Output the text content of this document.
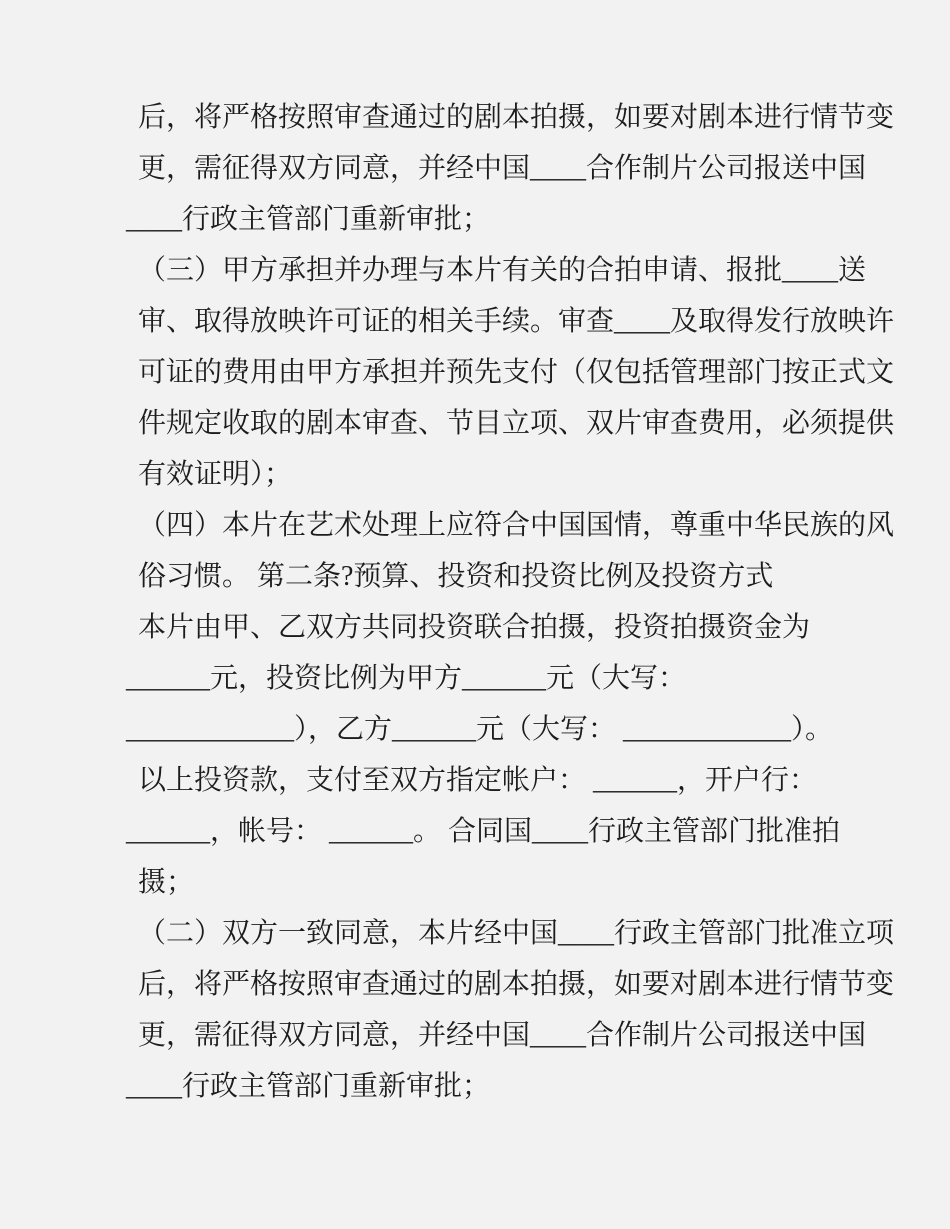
后，将严格按照审查通过的剧本拍摄，如要对剧本进行情节变
更，需征得双方同意，并经中国____合作制片公司报送中国
____行政主管部门重新审批；
（三）甲方承担并办理与本片有关的合拍申请、报批____送
审、取得放映许可证的相关手续。审查____及取得发行放映许
可证的费用由甲方承担并预先支付（仅包括管理部门按正式文
件规定收取的剧本审查、节目立项、双片审查费用，必须提供
有效证明）；
（四）本片在艺术处理上应符合中国国情，尊重中华民族的风
俗习惯。 第二条?预算、投资和投资比例及投资方式
本片由甲、乙双方共同投资联合拍摄，投资拍摄资金为
______元，投资比例为甲方______元（大写：
____________），乙方______元（大写： ____________）。
以上投资款，支付至双方指定帐户： ______，开户行：
______，帐号： ______。 合同国____行政主管部门批准拍
摄；
（二）双方一致同意，本片经中国____行政主管部门批准立项
后，将严格按照审查通过的剧本拍摄，如要对剧本进行情节变
更，需征得双方同意，并经中国____合作制片公司报送中国
____行政主管部门重新审批；
